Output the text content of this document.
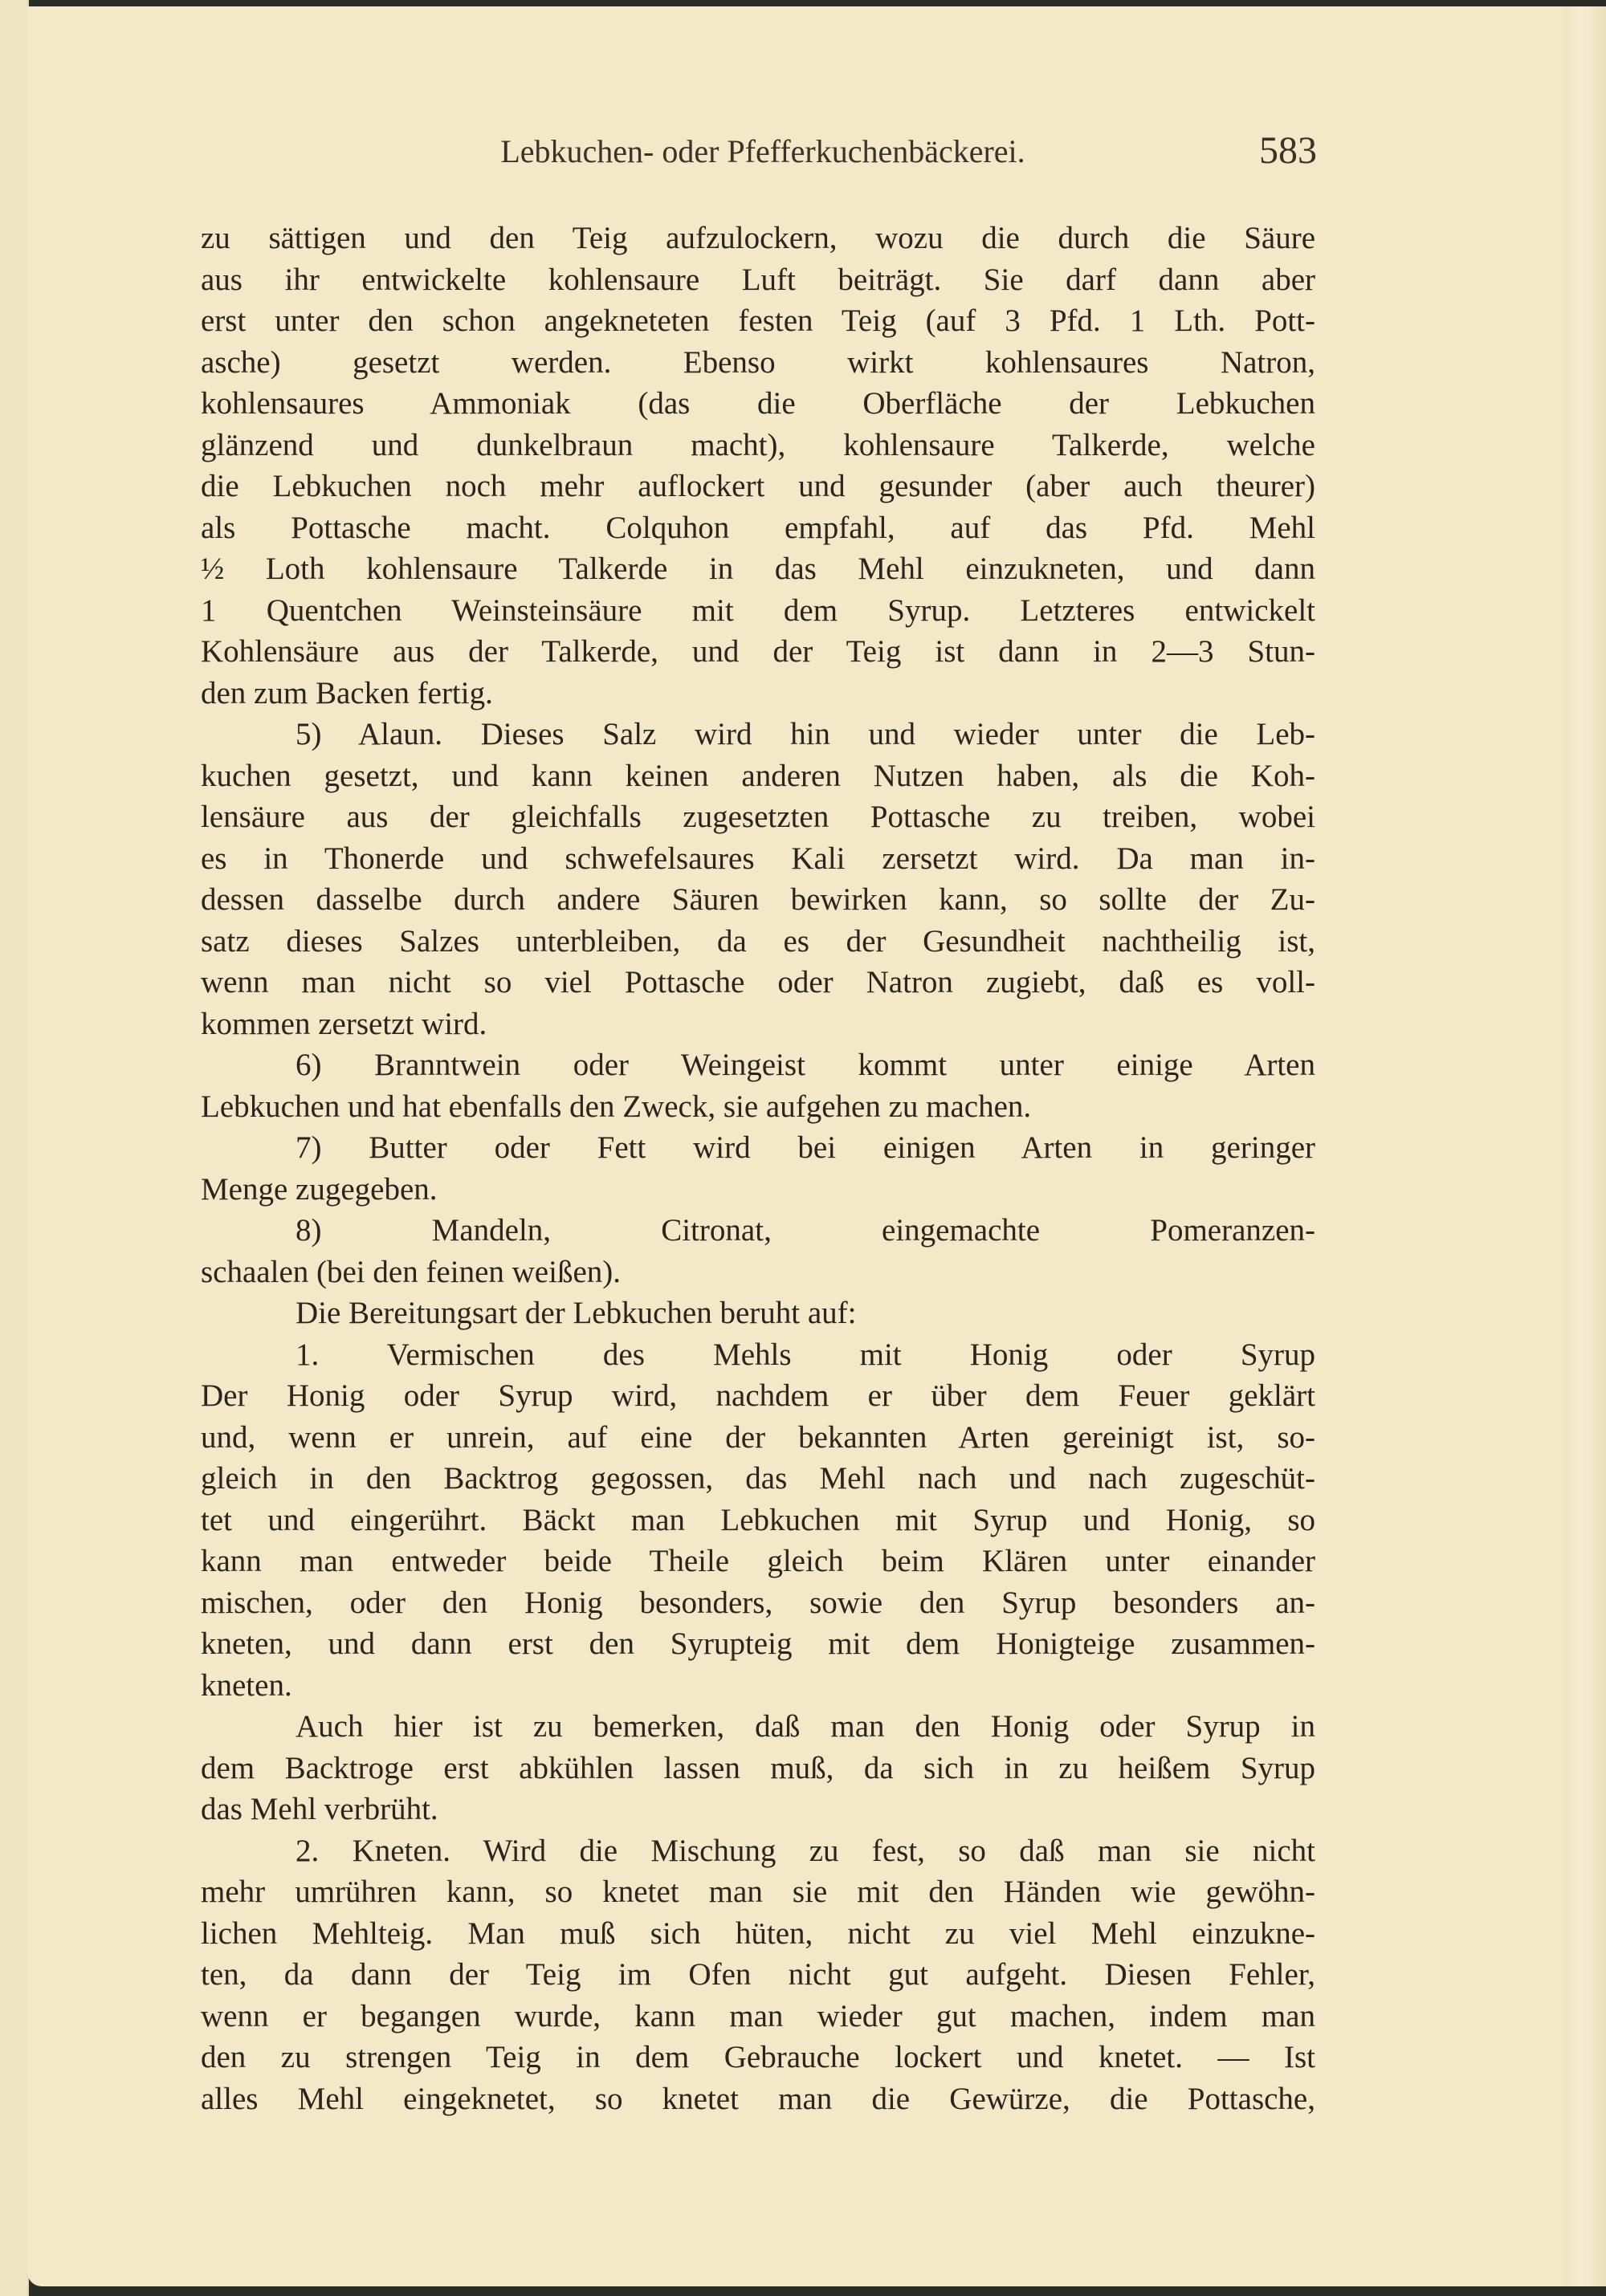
Lebkuchen- oder Pfefferkuchenbäckerei.	583
zu sättigen und den Teig aufzulockern, wozu die durch die Säure
aus ihr entwickelte kohlensaure Luft beiträgt. Sie darf dann aber
erst unter den schon angekneteten festen Teig (auf 3 Pfd. 1 Lth. Pott-
asche) gesetzt werden. Ebenso wirkt kohlensaures Natron,
kohlensaures Ammoniak (das die Oberfläche der Lebkuchen
glänzend und dunkelbraun macht), kohlensaure Talkerde, welche
die Lebkuchen noch mehr auflockert und gesunder (aber auch theurer)
als Pottasche macht. Colquhon empfahl, auf das Pfd. Mehl
½ Loth kohlensaure Talkerde in das Mehl einzukneten, und dann
1 Quentchen Weinsteinsäure mit dem Syrup. Letzteres entwickelt
Kohlensäure aus der Talkerde, und der Teig ist dann in 2—3 Stun-
den zum Backen fertig.
5) Alaun. Dieses Salz wird hin und wieder unter die Leb-
kuchen gesetzt, und kann keinen anderen Nutzen haben, als die Koh-
lensäure aus der gleichfalls zugesetzten Pottasche zu treiben, wobei
es in Thonerde und schwefelsaures Kali zersetzt wird. Da man in-
dessen dasselbe durch andere Säuren bewirken kann, so sollte der Zu-
satz dieses Salzes unterbleiben, da es der Gesundheit nachtheilig ist,
wenn man nicht so viel Pottasche oder Natron zugiebt, daß es voll-
kommen zersetzt wird.
6) Branntwein oder Weingeist kommt unter einige Arten
Lebkuchen und hat ebenfalls den Zweck, sie aufgehen zu machen.
7) Butter oder Fett wird bei einigen Arten in geringer
Menge zugegeben.
8) Mandeln, Citronat, eingemachte Pomeranzen-
schaalen (bei den feinen weißen).
Die Bereitungsart der Lebkuchen beruht auf:
1. Vermischen des Mehls mit Honig oder Syrup
Der Honig oder Syrup wird, nachdem er über dem Feuer geklärt
und, wenn er unrein, auf eine der bekannten Arten gereinigt ist, so-
gleich in den Backtrog gegossen, das Mehl nach und nach zugeschüt-
tet und eingerührt. Bäckt man Lebkuchen mit Syrup und Honig, so
kann man entweder beide Theile gleich beim Klären unter einander
mischen, oder den Honig besonders, sowie den Syrup besonders an-
kneten, und dann erst den Syrupteig mit dem Honigteige zusammen-
kneten.
Auch hier ist zu bemerken, daß man den Honig oder Syrup in
dem Backtroge erst abkühlen lassen muß, da sich in zu heißem Syrup
das Mehl verbrüht.
2. Kneten. Wird die Mischung zu fest, so daß man sie nicht
mehr umrühren kann, so knetet man sie mit den Händen wie gewöhn-
lichen Mehlteig. Man muß sich hüten, nicht zu viel Mehl einzukne-
ten, da dann der Teig im Ofen nicht gut aufgeht. Diesen Fehler,
wenn er begangen wurde, kann man wieder gut machen, indem man
den zu strengen Teig in dem Gebrauche lockert und knetet. — Ist
alles Mehl eingeknetet, so knetet man die Gewürze, die Pottasche,
